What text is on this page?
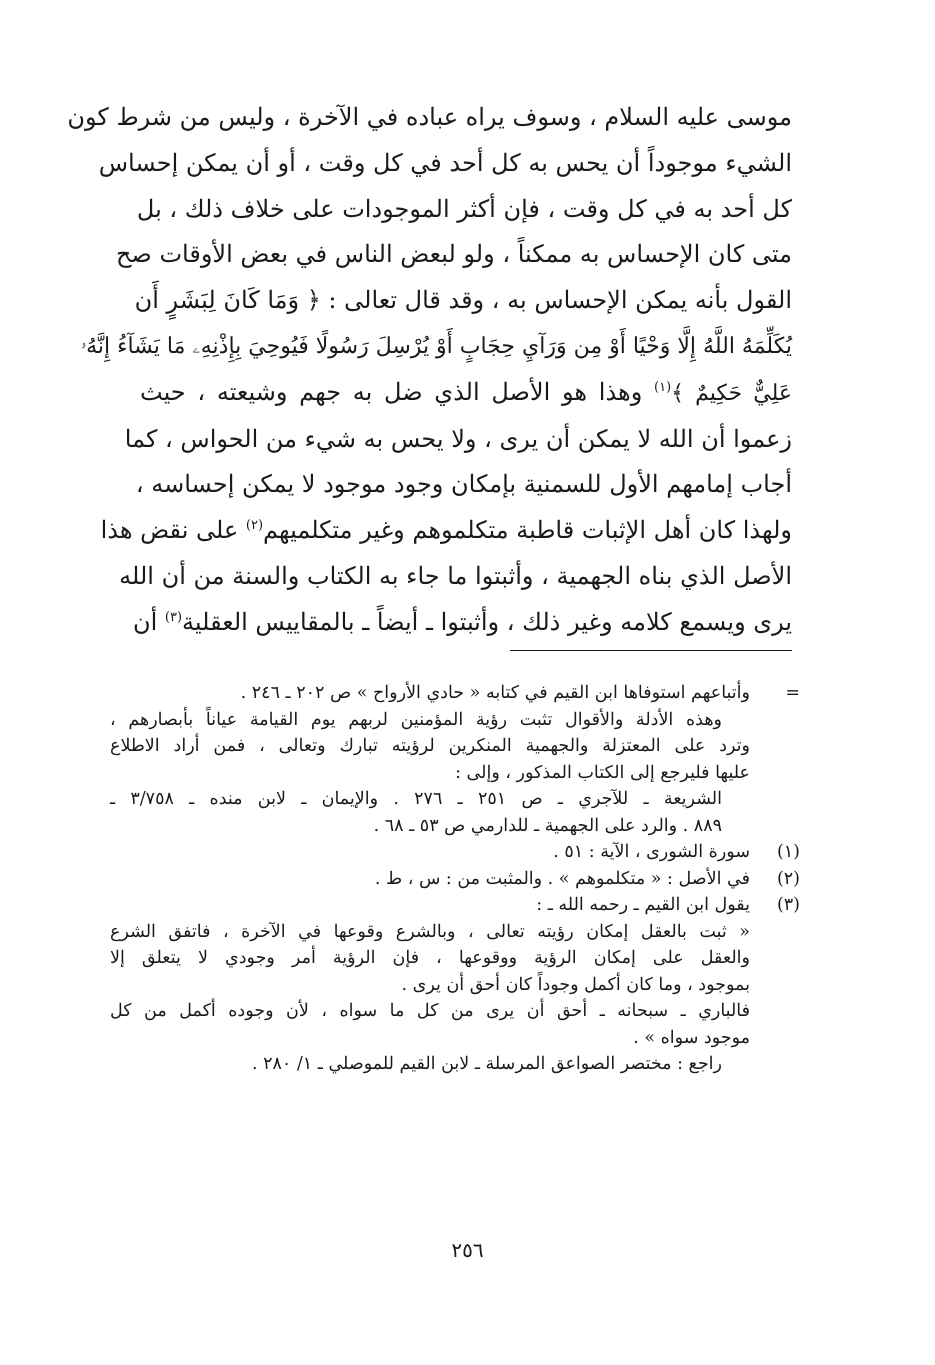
موسى عليه السلام ، وسوف يراه عباده في الآخرة ، وليس من شرط كون
الشيء موجوداً أن يحس به كل أحد في كل وقت ، أو أن يمكن إحساس
كل أحد به في كل وقت ، فإن أكثر الموجودات على خلاف ذلك ، بل
متى كان الإحساس به ممكناً ، ولو لبعض الناس في بعض الأوقات صح
القول بأنه يمكن الإحساس به ، وقد قال تعالى : ﴿ وَمَا كَانَ لِبَشَرٍ أَن
يُكَلِّمَهُ اللَّهُ إِلَّا وَحْيًا أَوْ مِن وَرَآيِ حِجَابٍ أَوْ يُرْسِلَ رَسُولًا فَيُوحِيَ بِإِذْنِهِۦ مَا يَشَآءُ إِنَّهُۥ
عَلِيٌّ حَكِيمٌ ﴾$^{(١)}$ وهذا هو الأصل الذي ضل به جهم وشيعته ، حيث
زعموا أن الله لا يمكن أن يرى ، ولا يحس به شيء من الحواس ، كما
أجاب إمامهم الأول للسمنية بإمكان وجود موجود لا يمكن إحساسه ،
ولهذا كان أهل الإثبات قاطبة متكلموهم وغير متكلميهم$^{(٢)}$ على نقض هذا
الأصل الذي بناه الجهمية ، وأثبتوا ما جاء به الكتاب والسنة من أن الله
يرى ويسمع كلامه وغير ذلك ، وأثبتوا ـ أيضاً ـ بالمقاييس العقلية$^{(٣)}$ أن
=
وأتباعهم استوفاها ابن القيم في كتابه « حادي الأرواح » ص ٢٠٢ ـ ٢٤٦ .
وهذه الأدلة والأقوال تثبت رؤية المؤمنين لربهم يوم القيامة عياناً بأبصارهم ،
وترد على المعتزلة والجهمية المنكرين لرؤيته تبارك وتعالى ، فمن أراد الاطلاع
عليها فليرجع إلى الكتاب المذكور ، وإلى :
الشريعة ـ للآجري ـ ص ٢٥١ ـ ٢٧٦ . والإيمان ـ لابن منده ـ ٣/٧٥٨ ـ
٨٨٩ . والرد على الجهمية ـ للدارمي ص ٥٣ ـ ٦٨ .
(١)
سورة الشورى ، الآية : ٥١ .
(٢)
في الأصل : « متكلموهم » . والمثبت من : س ، ط .
(٣)
يقول ابن القيم ـ رحمه الله ـ :
« ثبت بالعقل إمكان رؤيته تعالى ، وبالشرع وقوعها في الآخرة ، فاتفق الشرع
والعقل على إمكان الرؤية ووقوعها ، فإن الرؤية أمر وجودي لا يتعلق إلا
بموجود ، وما كان أكمل وجوداً كان أحق أن يرى .
فالباري ـ سبحانه ـ أحق أن يرى من كل ما سواه ، لأن وجوده أكمل من كل
موجود سواه » .
راجع : مختصر الصواعق المرسلة ـ لابن القيم للموصلي ـ ١/ ٢٨٠ .
٢٥٦
